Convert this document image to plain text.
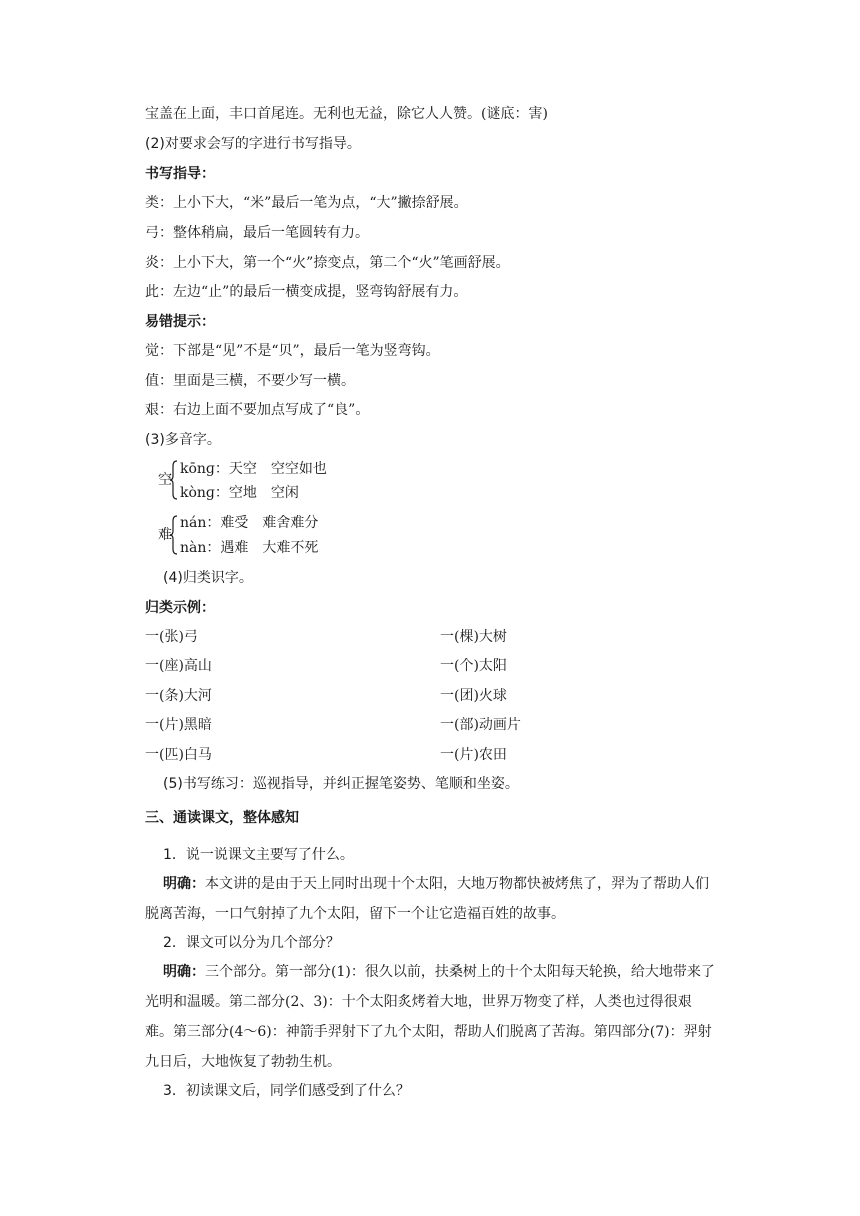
宝盖在上面，丰口首尾连。无利也无益，除它人人赞。(谜底：害)
(2)对要求会写的字进行书写指导。
书写指导：
类：上小下大，“米”最后一笔为点，“大”撇捺舒展。
弓：整体稍扁，最后一笔圆转有力。
炎：上小下大，第一个“火”捺变点，第二个“火”笔画舒展。
此：左边“止”的最后一横变成提，竖弯钩舒展有力。
易错提示：
觉：下部是“见”不是“贝”，最后一笔为竖弯钩。
值：里面是三横，不要少写一横。
艰：右边上面不要加点写成了“良”。
(3)多音字。
空
kōnɡ：天空　空空如也
kònɡ：空地　空闲
难
nán：难受　难舍难分
nàn：遇难　大难不死
(4)归类识字。
归类示例：
一(张)弓	一(棵)大树
一(座)高山	一(个)太阳
一(条)大河	一(团)火球
一(片)黑暗	一(部)动画片
一(匹)白马	一(片)农田
(5)书写练习：巡视指导，并纠正握笔姿势、笔顺和坐姿。
三、通读课文，整体感知
1．说一说课文主要写了什么。
明确：本文讲的是由于天上同时出现十个太阳，大地万物都快被烤焦了，羿为了帮助人们脱离苦海，一口气射掉了九个太阳，留下一个让它造福百姓的故事。
2．课文可以分为几个部分？
明确：三个部分。第一部分(1)：很久以前，扶桑树上的十个太阳每天轮换，给大地带来了光明和温暖。第二部分(2、3)：十个太阳炙烤着大地，世界万物变了样，人类也过得很艰难。第三部分(4～6)：神箭手羿射下了九个太阳，帮助人们脱离了苦海。第四部分(7)：羿射九日后，大地恢复了勃勃生机。
3．初读课文后，同学们感受到了什么？
